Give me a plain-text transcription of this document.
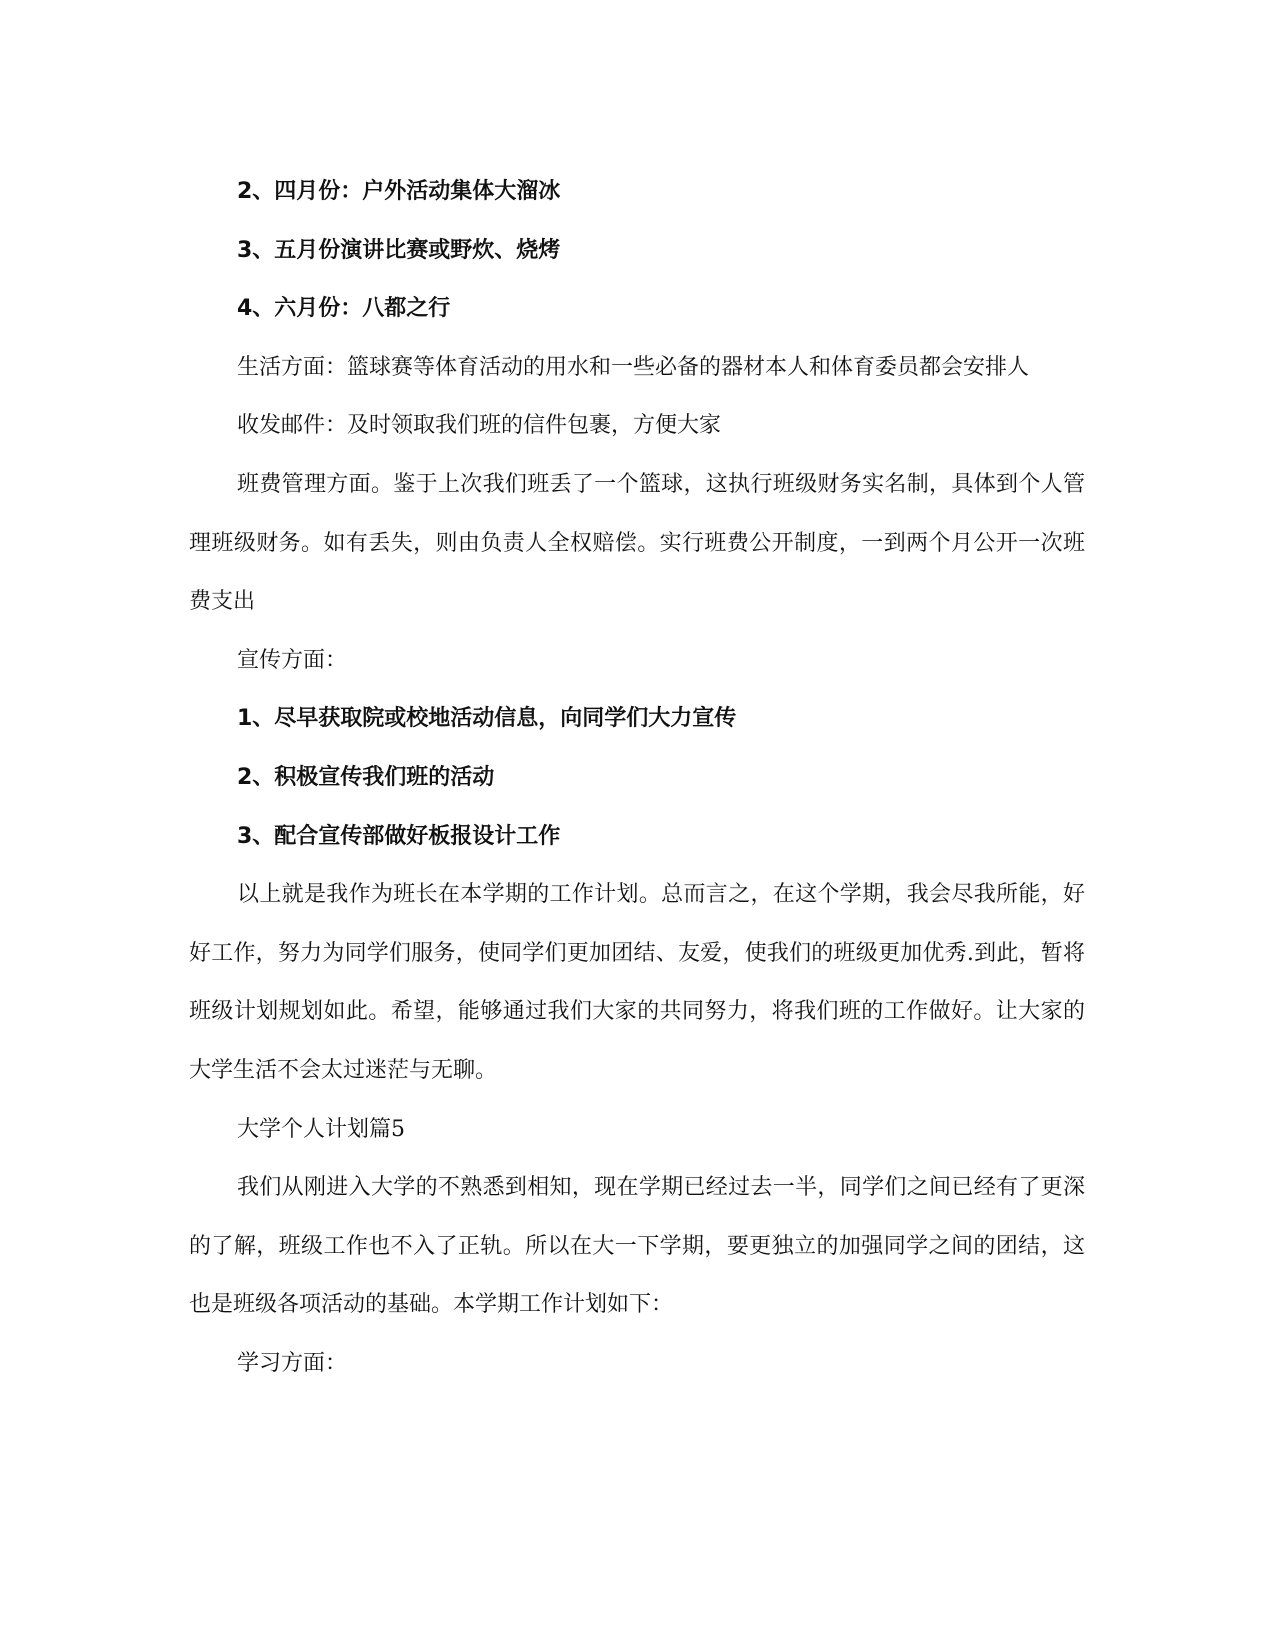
2、四月份：户外活动集体大溜冰

3、五月份演讲比赛或野炊、烧烤

4、六月份：八都之行

生活方面：篮球赛等体育活动的用水和一些必备的器材本人和体育委员都会安排人

收发邮件：及时领取我们班的信件包裹，方便大家

班费管理方面。鉴于上次我们班丢了一个篮球，这执行班级财务实名制，具体到个人管理班级财务。如有丢失，则由负责人全权赔偿。实行班费公开制度，一到两个月公开一次班费支出

宣传方面：

1、尽早获取院或校地活动信息，向同学们大力宣传

2、积极宣传我们班的活动

3、配合宣传部做好板报设计工作

以上就是我作为班长在本学期的工作计划。总而言之，在这个学期，我会尽我所能，好好工作，努力为同学们服务，使同学们更加团结、友爱，使我们的班级更加优秀.到此，暂将班级计划规划如此。希望，能够通过我们大家的共同努力，将我们班的工作做好。让大家的大学生活不会太过迷茫与无聊。

大学个人计划篇5

我们从刚进入大学的不熟悉到相知，现在学期已经过去一半，同学们之间已经有了更深的了解，班级工作也不入了正轨。所以在大一下学期，要更独立的加强同学之间的团结，这也是班级各项活动的基础。本学期工作计划如下：

学习方面：
